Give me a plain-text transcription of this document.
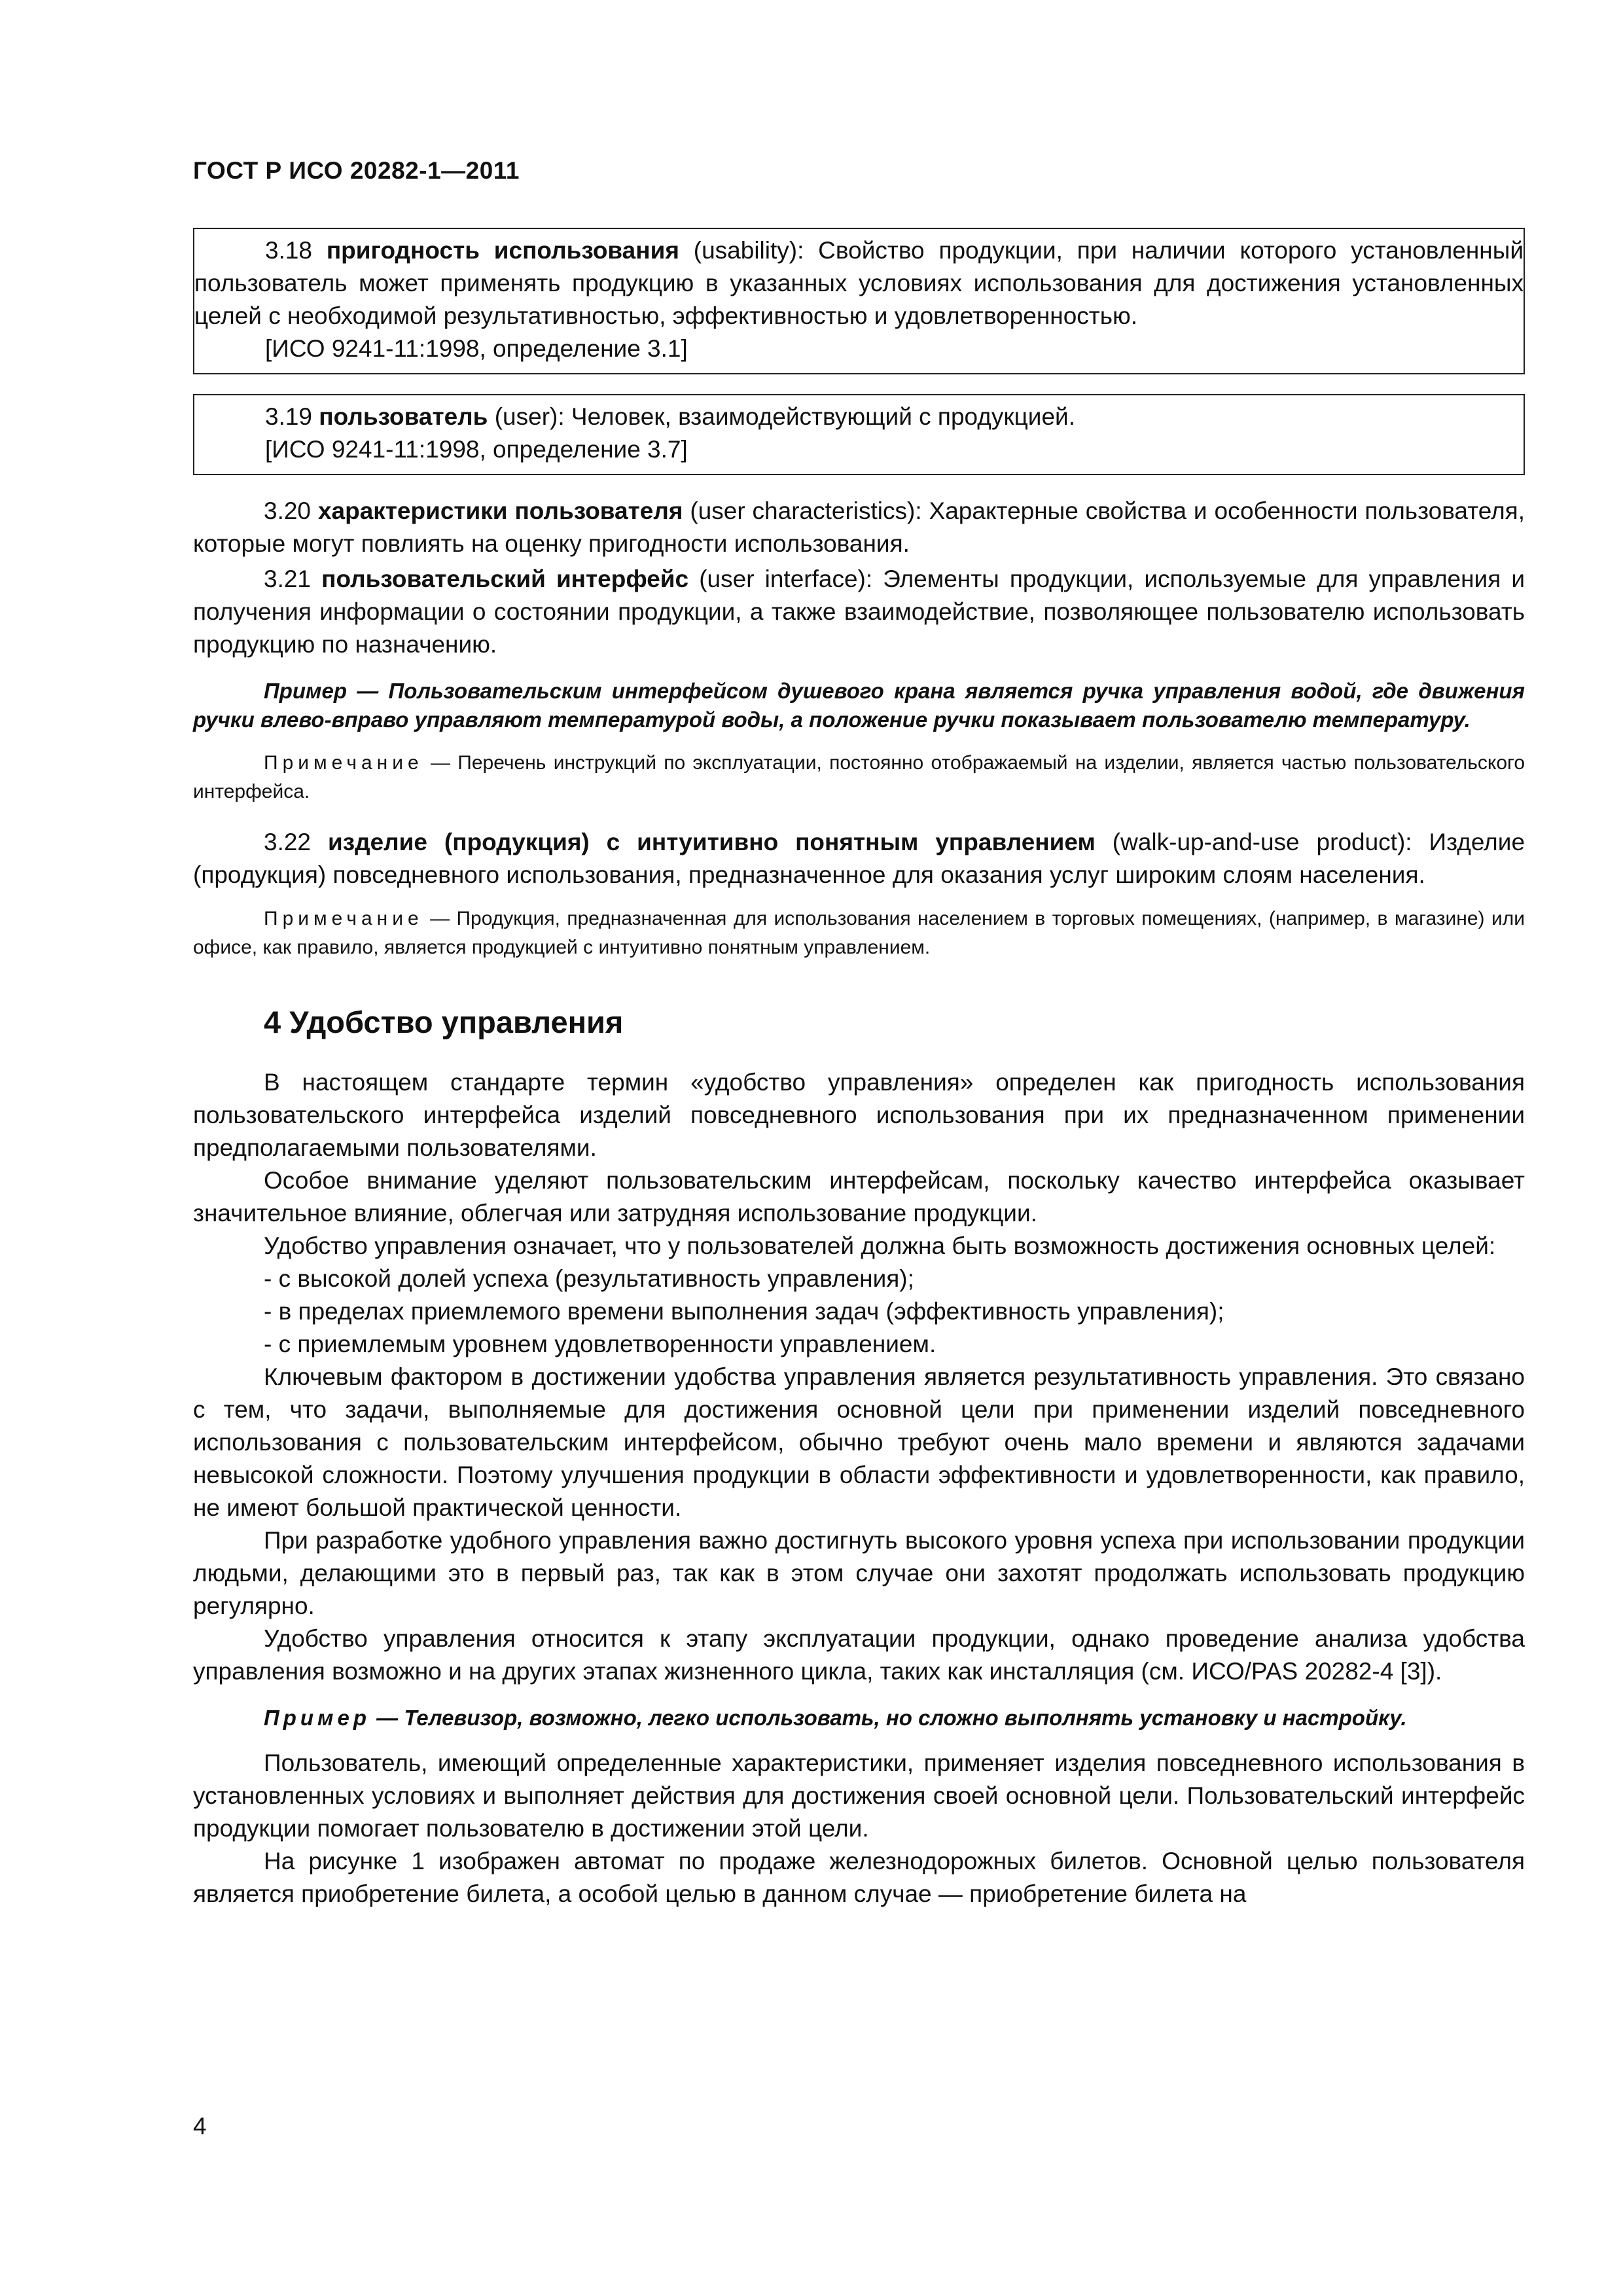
ГОСТ Р ИСО 20282-1—2011

3.18 пригодность использования (usability): Свойство продукции, при наличии которого установленный пользователь может применять продукцию в указанных условиях использования для достижения установленных целей с необходимой результативностью, эффективностью и удовлетворенностью.

[ИСО 9241-11:1998, определение 3.1]

3.19 пользователь (user): Человек, взаимодействующий с продукцией.

[ИСО 9241-11:1998, определение 3.7]

3.20 характеристики пользователя (user characteristics): Характерные свойства и особенности пользователя, которые могут повлиять на оценку пригодности использования.

3.21 пользовательский интерфейс (user interface): Элементы продукции, используемые для управления и получения информации о состоянии продукции, а также взаимодействие, позволяющее пользователю использовать продукцию по назначению.

Пример — Пользовательским интерфейсом душевого крана является ручка управления водой, где движения ручки влево-вправо управляют температурой воды, а положение ручки показывает пользователю температуру.

Примечание — Перечень инструкций по эксплуатации, постоянно отображаемый на изделии, является частью пользовательского интерфейса.

3.22 изделие (продукция) с интуитивно понятным управлением (walk-up-and-use product): Изделие (продукция) повседневного использования, предназначенное для оказания услуг широким слоям населения.

Примечание — Продукция, предназначенная для использования населением в торговых помещениях, (например, в магазине) или офисе, как правило, является продукцией с интуитивно понятным управлением.

4 Удобство управления

В настоящем стандарте термин «удобство управления» определен как пригодность использования пользовательского интерфейса изделий повседневного использования при их предназначенном применении предполагаемыми пользователями.

Особое внимание уделяют пользовательским интерфейсам, поскольку качество интерфейса оказывает значительное влияние, облегчая или затрудняя использование продукции.

Удобство управления означает, что у пользователей должна быть возможность достижения основных целей:

- с высокой долей успеха (результативность управления);

- в пределах приемлемого времени выполнения задач (эффективность управления);

- с приемлемым уровнем удовлетворенности управлением.

Ключевым фактором в достижении удобства управления является результативность управления. Это связано с тем, что задачи, выполняемые для достижения основной цели при применении изделий повседневного использования с пользовательским интерфейсом, обычно требуют очень мало времени и являются задачами невысокой сложности. Поэтому улучшения продукции в области эффективности и удовлетворенности, как правило, не имеют большой практической ценности.

При разработке удобного управления важно достигнуть высокого уровня успеха при использовании продукции людьми, делающими это в первый раз, так как в этом случае они захотят продолжать использовать продукцию регулярно.

Удобство управления относится к этапу эксплуатации продукции, однако проведение анализа удобства управления возможно и на других этапах жизненного цикла, таких как инсталляция (см. ИСО/PAS 20282-4 [3]).

Пример — Телевизор, возможно, легко использовать, но сложно выполнять установку и настройку.

Пользователь, имеющий определенные характеристики, применяет изделия повседневного использования в установленных условиях и выполняет действия для достижения своей основной цели. Пользовательский интерфейс продукции помогает пользователю в достижении этой цели.

На рисунке 1 изображен автомат по продаже железнодорожных билетов. Основной целью пользователя является приобретение билета, а особой целью в данном случае — приобретение билета на

4
